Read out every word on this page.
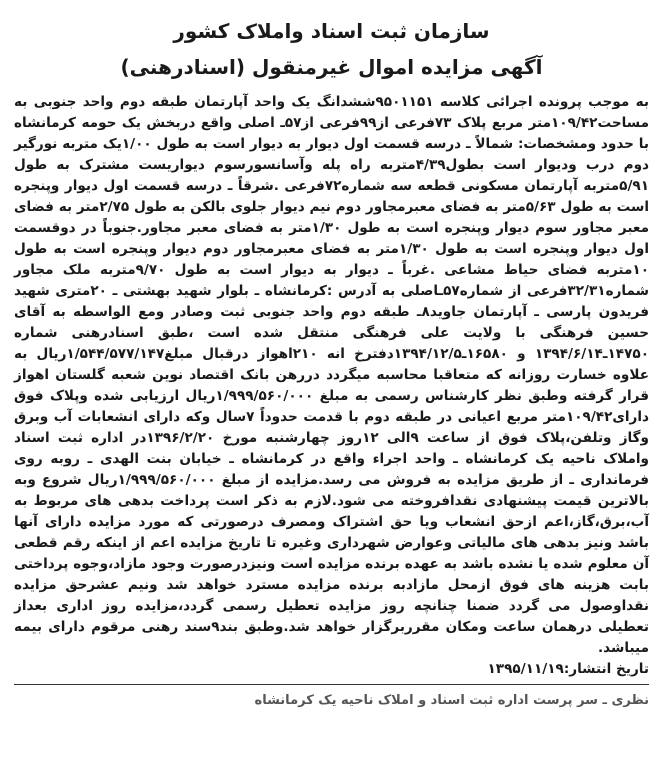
سازمان ثبت اسناد واملاک کشور
آگهی مزایده اموال غیرمنقول (اسنادرهنی)

به موجب پرونده اجرائی کلاسه ۹۵۰۱۱۵۱ششدانگ یک واحد آپارتمان طبقه دوم واحد جنوبی به مساحت۱۰۹/۴۲متر مربع پلاک ۷۳فرعی از۹۹فرعی از۵۷ـ اصلی واقع دربخش یک حومه کرمانشاه با حدود ومشخصات: شمالاً ـ درسه قسمت اول دیوار به دیوار است به طول ۱/۰۰یک متربه نورگیر دوم درب ودیوار است بطول۴/۳۹متربه راه پله وآسانسورسوم دیواریست مشترک به طول ۵/۹۱متربه آپارتمان مسکونی قطعه سه شماره۷۲فرعی .شرقاً ـ درسه قسمت اول دیوار وپنجره است به طول ۵/۶۳متر به فضای معبرمجاور دوم نیم دیوار جلوی بالکن به طول ۲/۷۵متر به فضای معبر مجاور سوم دیوار وپنجره است به طول ۱/۳۰متر به فضای معبر مجاور.جنوباً در دوقسمت اول دیوار وپنجره است به طول ۱/۳۰متر به فضای معبرمجاور دوم دیوار وپنجره است به طول ۱۰متربه فضای حیاط مشاعی .غرباً ـ دیوار به دیوار است به طول ۹/۷۰متربه ملک مجاور شماره۳۲/۳۱فرعی از شماره۵۷ـاصلی به آدرس :کرمانشاه ـ بلوار شهید بهشتی ـ ۲۰متری شهید فریدون پارسی ـ آپارتمان جاوید۸ـ طبقه دوم واحد جنوبی ثبت وصادر ومع الواسطه به آقای حسین فرهنگی با ولایت علی فرهنگی منتقل شده است ،طبق اسنادرهنی شماره ۱۴۷۵۰ـ۱۳۹۴/۶/۱۴ و ۱۶۵۸۰ـ۱۳۹۴/۱۲/۵دفترخ انه ۲۱۰اهواز درقبال مبلغ۱/۵۴۴/۵۷۷/۱۴۷ریال به علاوه خسارت روزانه که متعاقبا محاسبه میگردد دررهن بانک اقتصاد نوین شعبه گلستان اهواز قرار گرفته وطبق نظر کارشناس رسمی به مبلغ ۱/۹۹۹/۵۶۰/۰۰۰ریال ارزیابی شده وپلاک فوق دارای۱۰۹/۴۲متر مربع اعیانی در طبقه دوم با قدمت حدوداً ۷سال وکه دارای انشعابات آب وبرق وگاز وتلفن،پلاک فوق از ساعت ۹الی ۱۲روز چهارشنبه مورخ ۱۳۹۶/۲/۲۰در اداره ثبت اسناد واملاک ناحیه یک کرمانشاه ـ واحد اجراء واقع در کرمانشاه ـ خیابان بنت الهدی ـ روبه روی فرمانداری ـ از طریق مزایده به فروش می رسد.مزایده از مبلغ ۱/۹۹۹/۵۶۰/۰۰۰ریال شروع وبه بالاترین قیمت پیشنهادی نقدافروخته می شود.لازم به ذکر است پرداخت بدهی های مربوط به آب،برق،گاز،اعم ازحق انشعاب ویا حق اشتراک ومصرف درصورتی که مورد مزایده دارای آنها باشد ونیز بدهی های مالیاتی وعوارض شهرداری وغیره تا تاریخ مزایده اعم از اینکه رقم قطعی آن معلوم شده یا نشده باشد به عهده برنده مزایده است ونیزدرصورت وجود مازاد،وجوه پرداختی بابت هزینه های فوق ازمحل مازادبه برنده مزایده مسترد خواهد شد ونیم عشرحق مزایده نقداوصول می گردد ضمنا چنانچه روز مزایده تعطیل رسمی گردد،مزایده روز اداری بعداز تعطیلی درهمان ساعت ومکان مقرربرگزار خواهد شد.وطبق بند۹سند رهنی مرقوم دارای بیمه میباشد.

تاریخ انتشار:۱۳۹۵/۱۱/۱۹

نظری ـ سر پرست اداره ثبت اسناد و املاک ناحیه یک کرمانشاه
